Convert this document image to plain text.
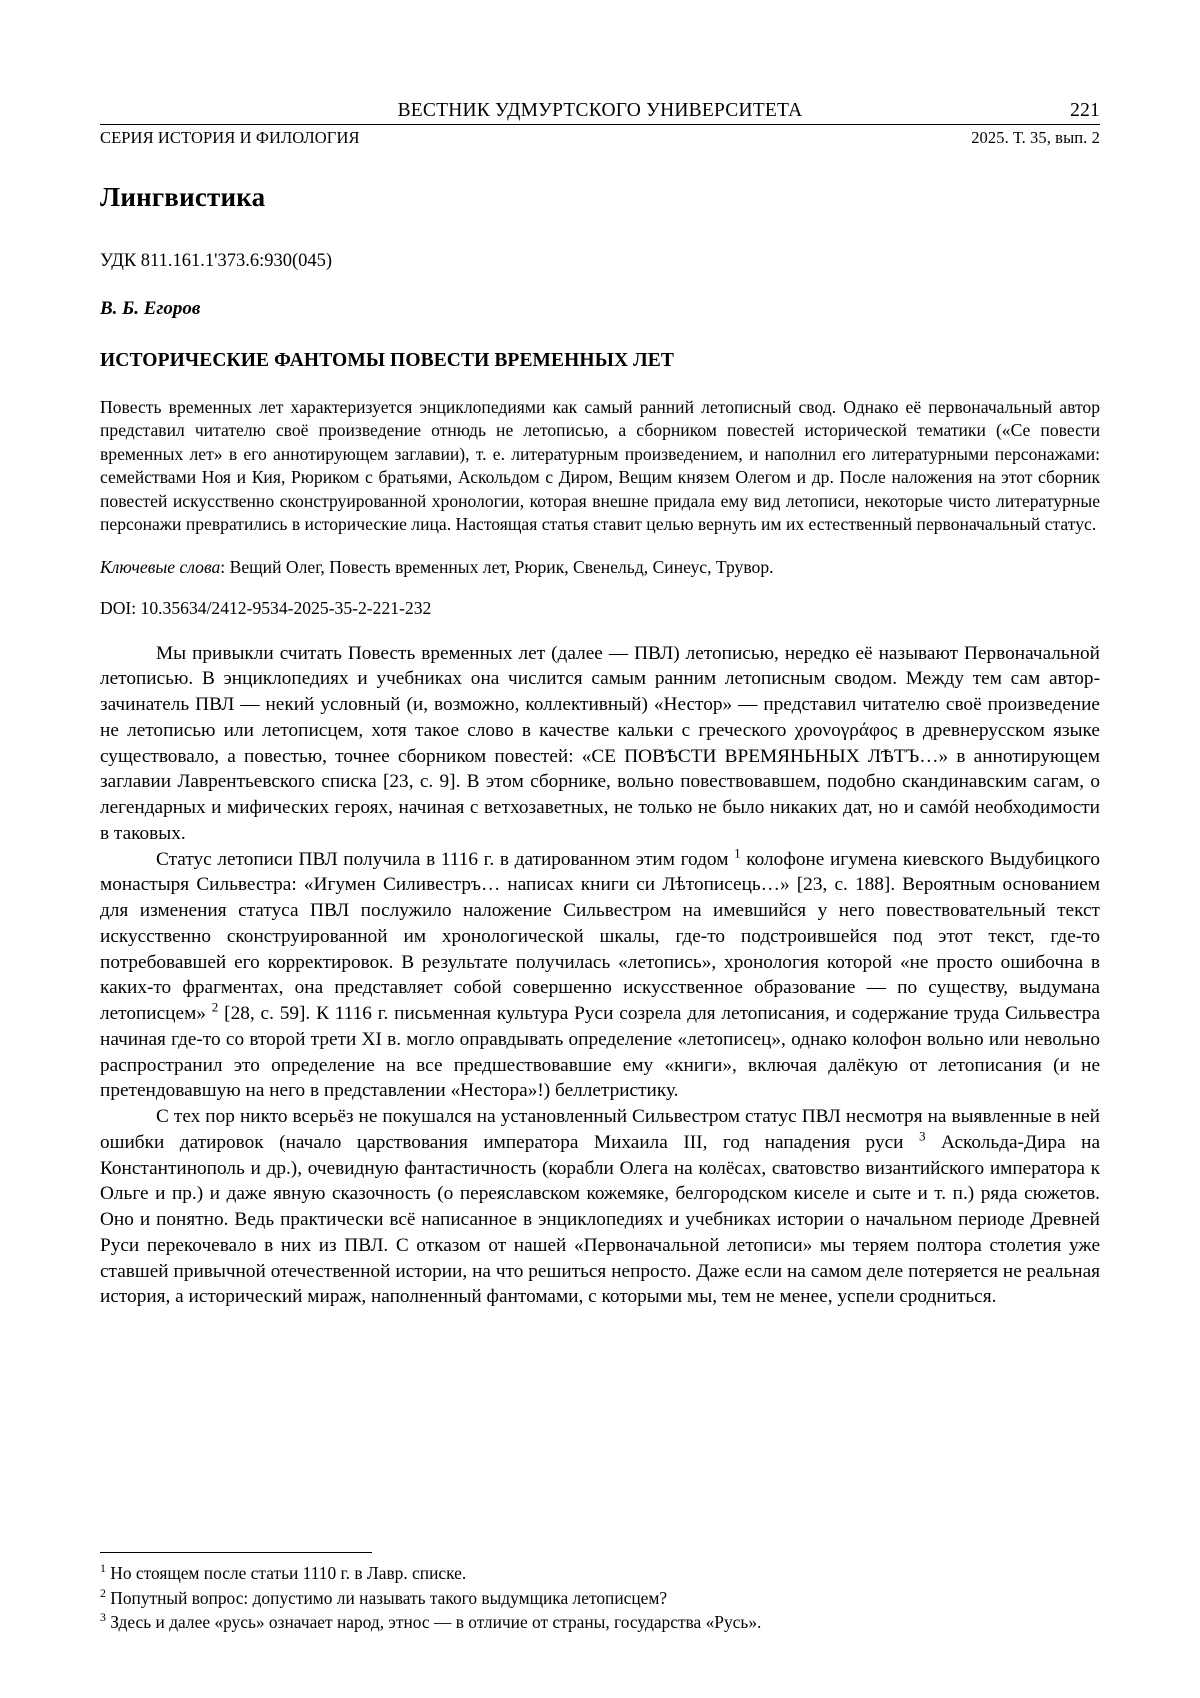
ВЕСТНИК УДМУРТСКОГО УНИВЕРСИТЕТА	221
СЕРИЯ ИСТОРИЯ И ФИЛОЛОГИЯ	2025. Т. 35, вып. 2
Лингвистика
УДК 811.161.1'373.6:930(045)
В. Б. Егоров
ИСТОРИЧЕСКИЕ ФАНТОМЫ ПОВЕСТИ ВРЕМЕННЫХ ЛЕТ
Повесть временных лет характеризуется энциклопедиями как самый ранний летописный свод. Однако её первоначальный автор представил читателю своё произведение отнюдь не летописью, а сборником повестей исторической тематики («Се повести временных лет» в его аннотирующем заглавии), т. е. литературным произведением, и наполнил его литературными персонажами: семействами Ноя и Кия, Рюриком с братьями, Аскольдом с Диром, Вещим князем Олегом и др. После наложения на этот сборник повестей искусственно сконструированной хронологии, которая внешне придала ему вид летописи, некоторые чисто литературные персонажи превратились в исторические лица. Настоящая статья ставит целью вернуть им их естественный первоначальный статус.
Ключевые слова: Вещий Олег, Повесть временных лет, Рюрик, Свенельд, Синеус, Трувор.
DOI: 10.35634/2412-9534-2025-35-2-221-232

Мы привыкли считать Повесть временных лет (далее — ПВЛ) летописью, нередко её называют Первоначальной летописью. В энциклопедиях и учебниках она числится самым ранним летописным сводом. Между тем сам автор-зачинатель ПВЛ — некий условный (и, возможно, коллективный) «Нестор» — представил читателю своё произведение не летописью или летописцем, хотя такое слово в качестве кальки с греческого χρονογράφος в древнерусском языке существовало, а повестью, точнее сборником повестей: «СЕ ПОВѢСТИ ВРЕМЯНЬНЫХ ЛѢТЪ…» в аннотирующем заглавии Лаврентьевского списка [23, с. 9]. В этом сборнике, вольно повествовавшем, подобно скандинавским сагам, о легендарных и мифических героях, начиная с ветхозаветных, не только не было никаких дат, но и самóй необходимости в таковых.

Статус летописи ПВЛ получила в 1116 г. в датированном этим годом $^1$ колофоне игумена киевского Выдубицкого монастыря Сильвестра: «Игумен Силивестръ… написах книги си Лѣтописець…» [23, с. 188]. Вероятным основанием для изменения статуса ПВЛ послужило наложение Сильвестром на имевшийся у него повествовательный текст искусственно сконструированной им хронологической шкалы, где-то подстроившейся под этот текст, где-то потребовавшей его корректировок. В результате получилась «летопись», хронология которой «не просто ошибочна в каких-то фрагментах, она представляет собой совершенно искусственное образование — по существу, выдумана летописцем» $^2$ [28, с. 59]. К 1116 г. письменная культура Руси созрела для летописания, и содержание труда Сильвестра начиная где-то со второй трети XI в. могло оправдывать определение «летописец», однако колофон вольно или невольно распространил это определение на все предшествовавшие ему «книги», включая далёкую от летописания (и не претендовавшую на него в представлении «Нестора»!) беллетристику.

С тех пор никто всерьёз не покушался на установленный Сильвестром статус ПВЛ несмотря на выявленные в ней ошибки датировок (начало царствования императора Михаила III, год нападения руси $^3$ Аскольда-Дира на Константинополь и др.), очевидную фантастичность (корабли Олега на колёсах, сватовство византийского императора к Ольге и пр.) и даже явную сказочность (о переяславском кожемяке, белгородском киселе и сыте и т. п.) ряда сюжетов. Оно и понятно. Ведь практически всё написанное в энциклопедиях и учебниках истории о начальном периоде Древней Руси перекочевало в них из ПВЛ. С отказом от нашей «Первоначальной летописи» мы теряем полтора столетия уже ставшей привычной отечественной истории, на что решиться непросто. Даже если на самом деле потеряется не реальная история, а исторический мираж, наполненный фантомами, с которыми мы, тем не менее, успели сродниться.

$^1$ Но стоящем после статьи 1110 г. в Лавр. списке.

$^2$ Попутный вопрос: допустимо ли называть такого выдумщика летописцем?

$^3$ Здесь и далее «русь» означает народ, этнос — в отличие от страны, государства «Русь».
